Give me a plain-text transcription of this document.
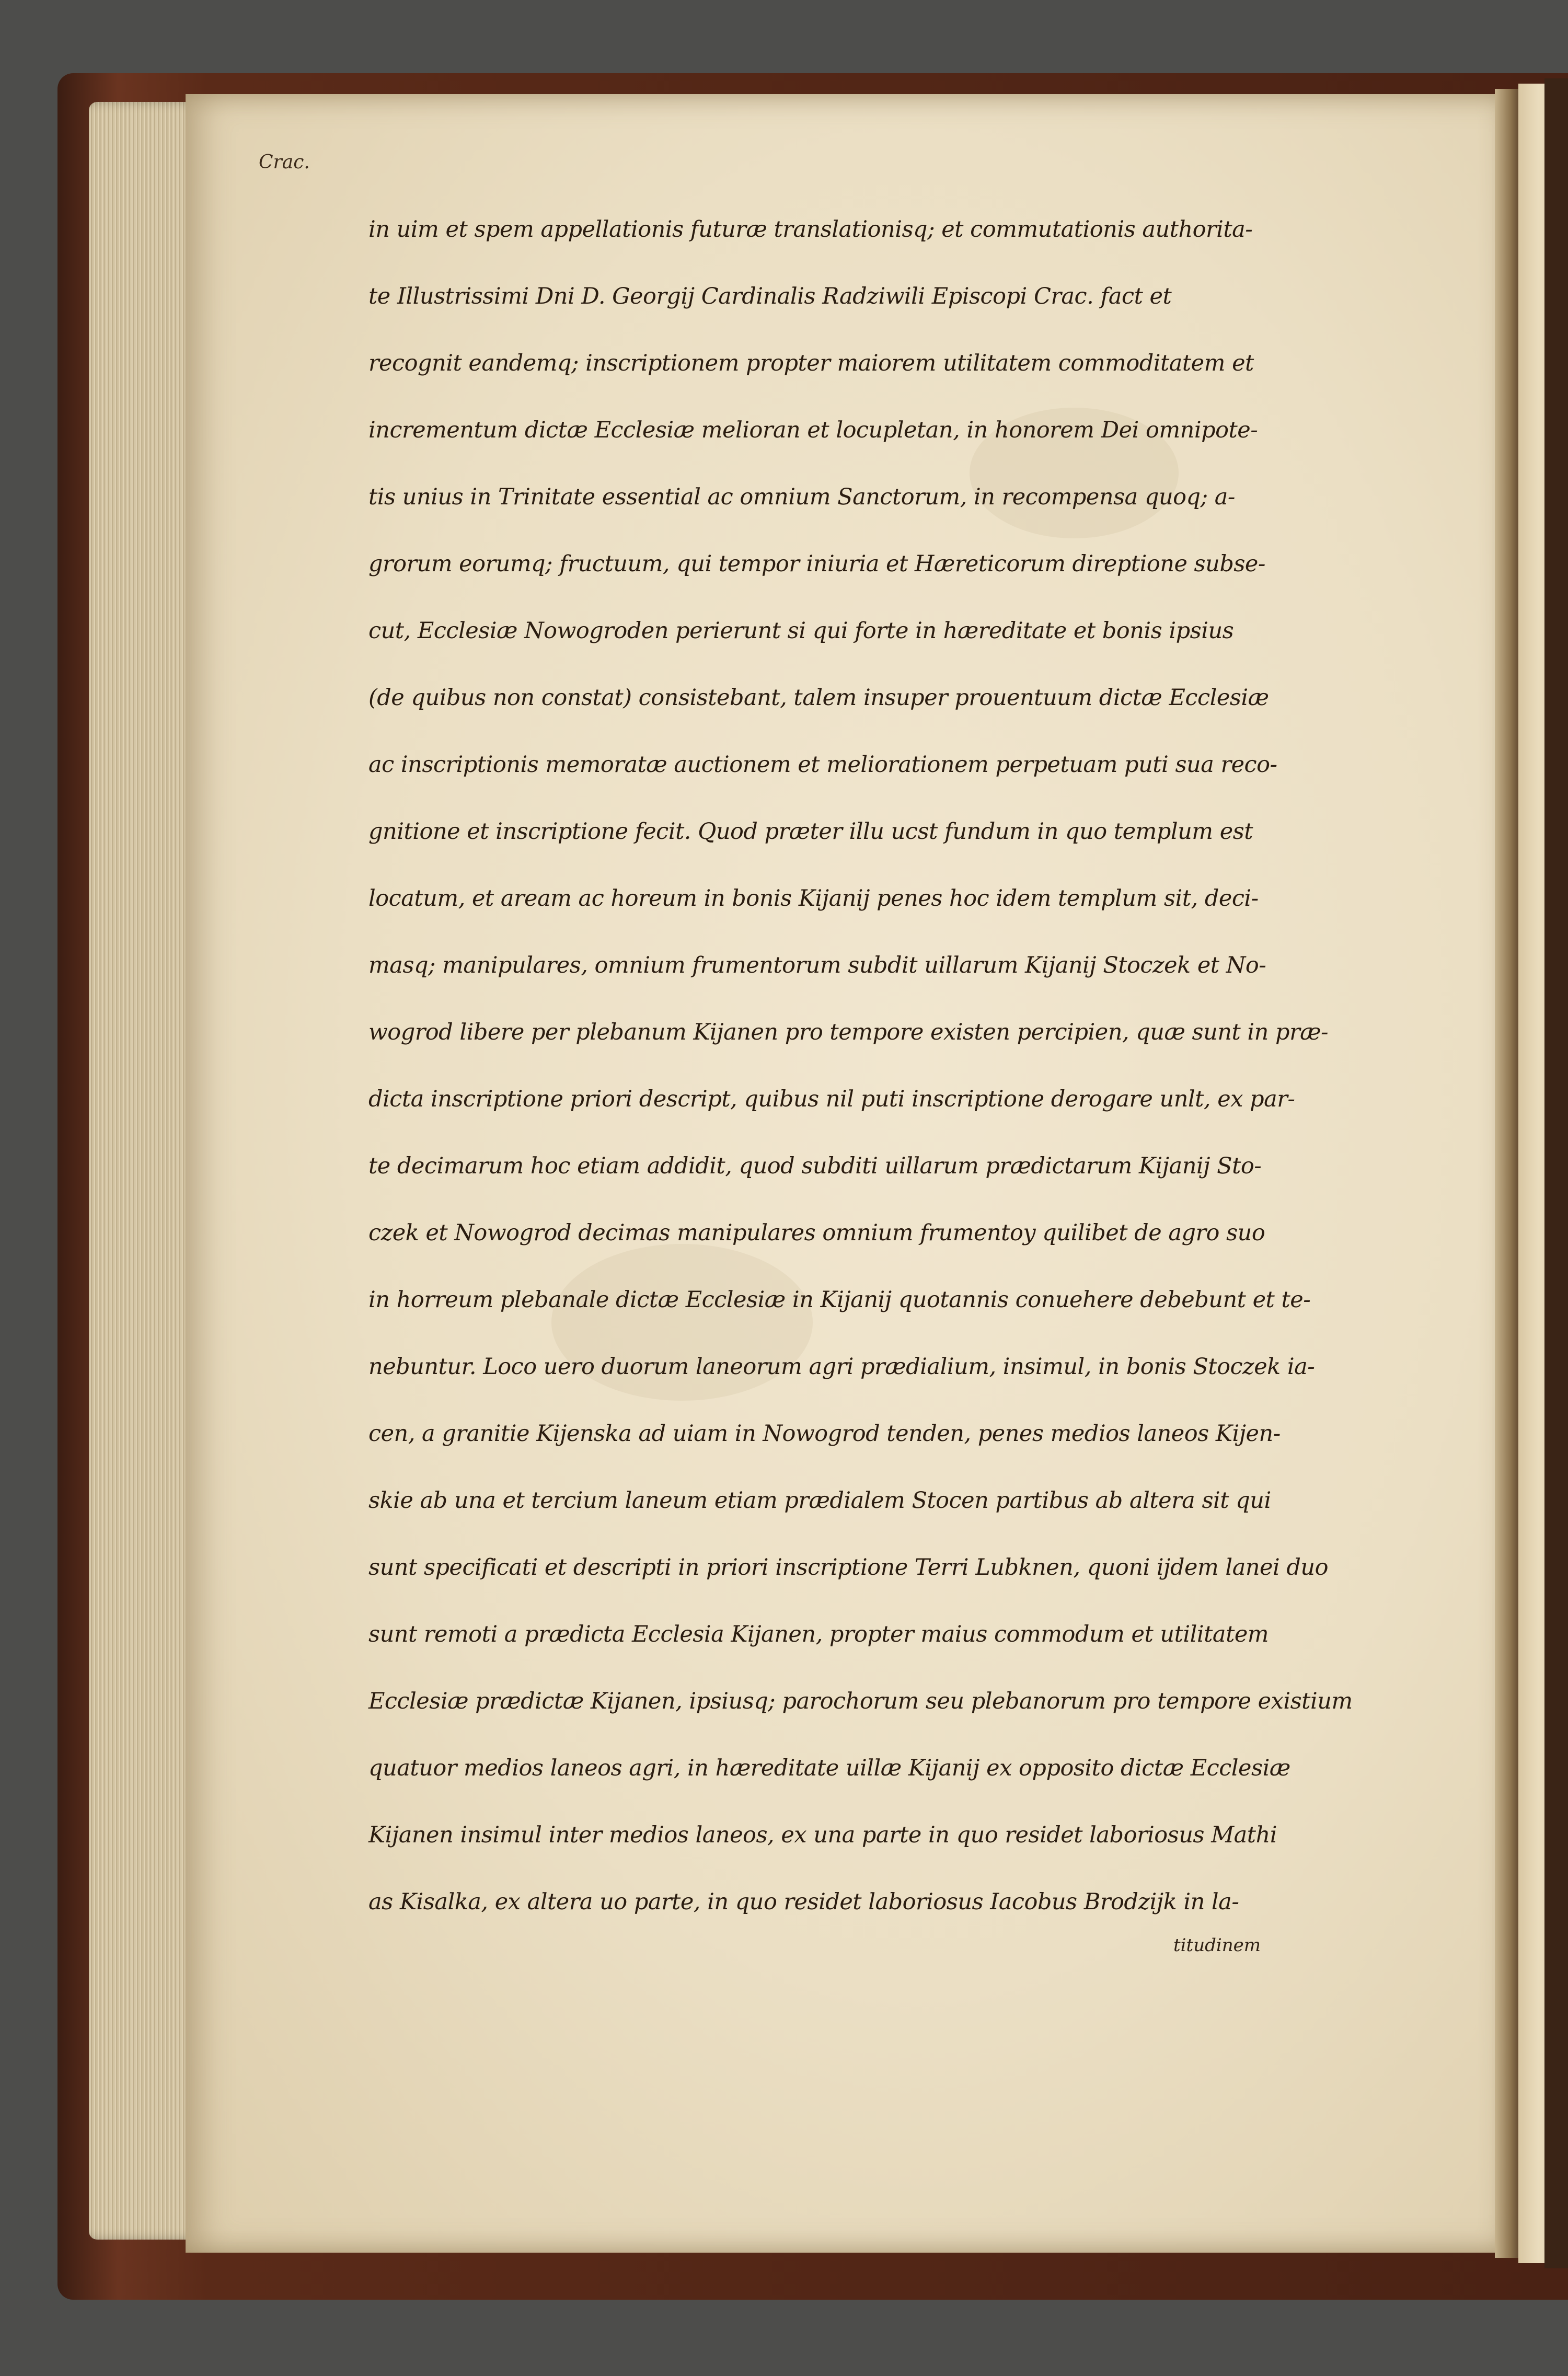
Crac.
in uim et spem appellationis futuræ translationisq; et commutationis authorita-
te Illustrissimi Dni D. Georgij Cardinalis Radziwili Episcopi Crac. fact et
recognit eandemq; inscriptionem propter maiorem utilitatem commoditatem et
incrementum dictæ Ecclesiæ melioran et locupletan, in honorem Dei omnipote-
tis unius in Trinitate essential ac omnium Sanctorum, in recompensa quoq; a-
grorum eorumq; fructuum, qui tempor iniuria et Hæreticorum direptione subse-
cut, Ecclesiæ Nowogroden perierunt si qui forte in hæreditate et bonis ipsius
(de quibus non constat) consistebant, talem insuper prouentuum dictæ Ecclesiæ
ac inscriptionis memoratæ auctionem et meliorationem perpetuam puti sua reco-
gnitione et inscriptione fecit. Quod præter illu ucst fundum in quo templum est
locatum, et aream ac horeum in bonis Kijanij penes hoc idem templum sit, deci-
masq; manipulares, omnium frumentorum subdit uillarum Kijanij Stoczek et No-
wogrod libere per plebanum Kijanen pro tempore existen percipien, quæ sunt in præ-
dicta inscriptione priori descript, quibus nil puti inscriptione derogare unlt, ex par-
te decimarum hoc etiam addidit, quod subditi uillarum prædictarum Kijanij Sto-
czek et Nowogrod decimas manipulares omnium frumentoy quilibet de agro suo
in horreum plebanale dictæ Ecclesiæ in Kijanij quotannis conuehere debebunt et te-
nebuntur. Loco uero duorum laneorum agri prædialium, insimul, in bonis Stoczek ia-
cen, a granitie Kijenska ad uiam in Nowogrod tenden, penes medios laneos Kijen-
skie ab una et tercium laneum etiam prædialem Stocen partibus ab altera sit qui
sunt specificati et descripti in priori inscriptione Terri Lubknen, quoni ijdem lanei duo
sunt remoti a prædicta Ecclesia Kijanen, propter maius commodum et utilitatem
Ecclesiæ prædictæ Kijanen, ipsiusq; parochorum seu plebanorum pro tempore existium
quatuor medios laneos agri, in hæreditate uillæ Kijanij ex opposito dictæ Ecclesiæ
Kijanen insimul inter medios laneos, ex una parte in quo residet laboriosus Mathi
as Kisalka, ex altera uo parte, in quo residet laboriosus Iacobus Brodzijk in la-
titudinem
